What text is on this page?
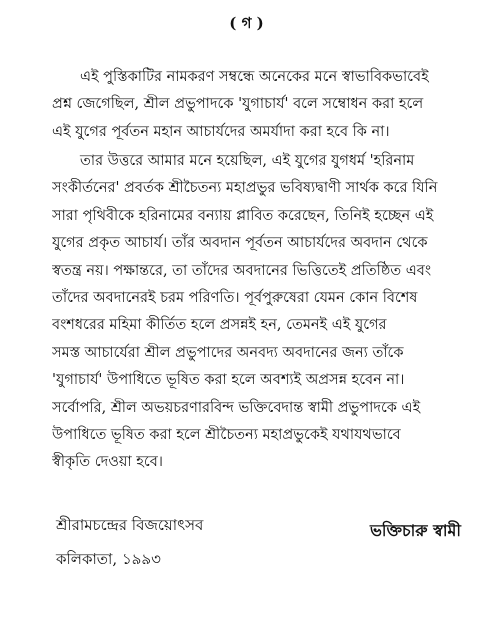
( গ )

এই পুস্তিকাটির নামকরণ সম্বন্ধে অনেকের মনে স্বাভাবিকভাবেই
প্রশ্ন জেগেছিল, শ্রীল প্রভুপাদকে 'যুগাচার্য' বলে সম্বোধন করা হলে
এই যুগের পূর্বতন মহান আচার্যদের অমর্যাদা করা হবে কি না।

তার উত্তরে আমার মনে হয়েছিল, এই যুগের যুগধর্ম 'হরিনাম
সংকীর্তনের' প্রবর্তক শ্রীচৈতন্য মহাপ্রভুর ভবিষ্যদ্বাণী সার্থক করে যিনি
সারা পৃথিবীকে হরিনামের বন্যায় প্লাবিত করেছেন, তিনিই হচ্ছেন এই
যুগের প্রকৃত আচার্য। তাঁর অবদান পূর্বতন আচার্যদের অবদান থেকে
স্বতন্ত্র নয়। পক্ষান্তরে, তা তাঁদের অবদানের ভিত্তিতেই প্রতিষ্ঠিত এবং
তাঁদের অবদানেরই চরম পরিণতি। পূর্বপুরুষেরা যেমন কোন বিশেষ
বংশধরের মহিমা কীর্তিত হলে প্রসন্নই হন, তেমনই এই যুগের
সমস্ত আচার্যেরা শ্রীল প্রভুপাদের অনবদ্য অবদানের জন্য তাঁকে
'যুগাচার্য' উপাধিতে ভূষিত করা হলে অবশ্যই অপ্রসন্ন হবেন না।
সর্বোপরি, শ্রীল অভয়চরণারবিন্দ ভক্তিবেদান্ত স্বামী প্রভুপাদকে এই
উপাধিতে ভূষিত করা হলে শ্রীচৈতন্য মহাপ্রভুকেই যথাযথভাবে
স্বীকৃতি দেওয়া হবে।

শ্রীরামচন্দ্রের বিজয়োৎসব
কলিকাতা, ১৯৯৩
ভক্তিচারু স্বামী
